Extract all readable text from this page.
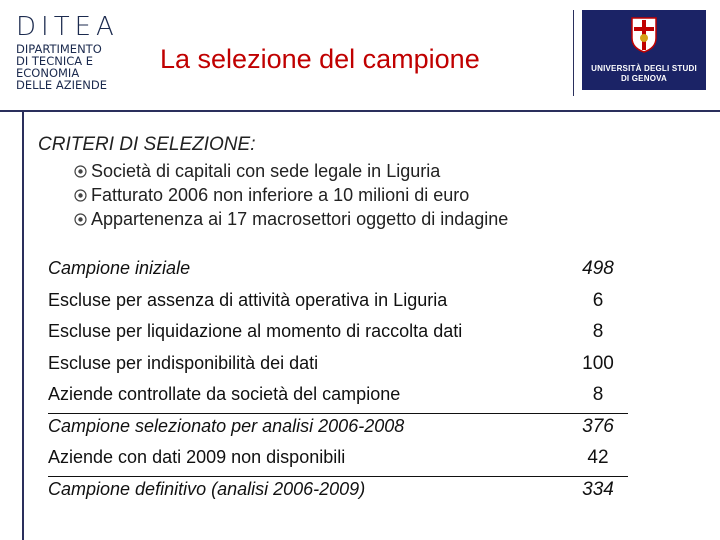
DITEA
DIPARTIMENTO
DI TECNICA E
ECONOMIA
DELLE AZIENDE
La selezione del campione	UNIVERSITÀ DEGLI STUDI
DI GENOVA
CRITERI DI SELEZIONE:
Società di capitali con sede legale in Liguria
Fatturato 2006 non inferiore a 10 milioni di euro
Appartenenza ai 17 macrosettori oggetto di indagine
Campione iniziale	498
Escluse per assenza di attività operativa in Liguria	6
Escluse per liquidazione al momento di raccolta dati	8
Escluse per indisponibilità dei dati	100
Aziende controllate da società del campione	8
Campione selezionato per analisi 2006-2008	376
Aziende con dati 2009 non disponibili	42
Campione definitivo (analisi 2006-2009)	334
